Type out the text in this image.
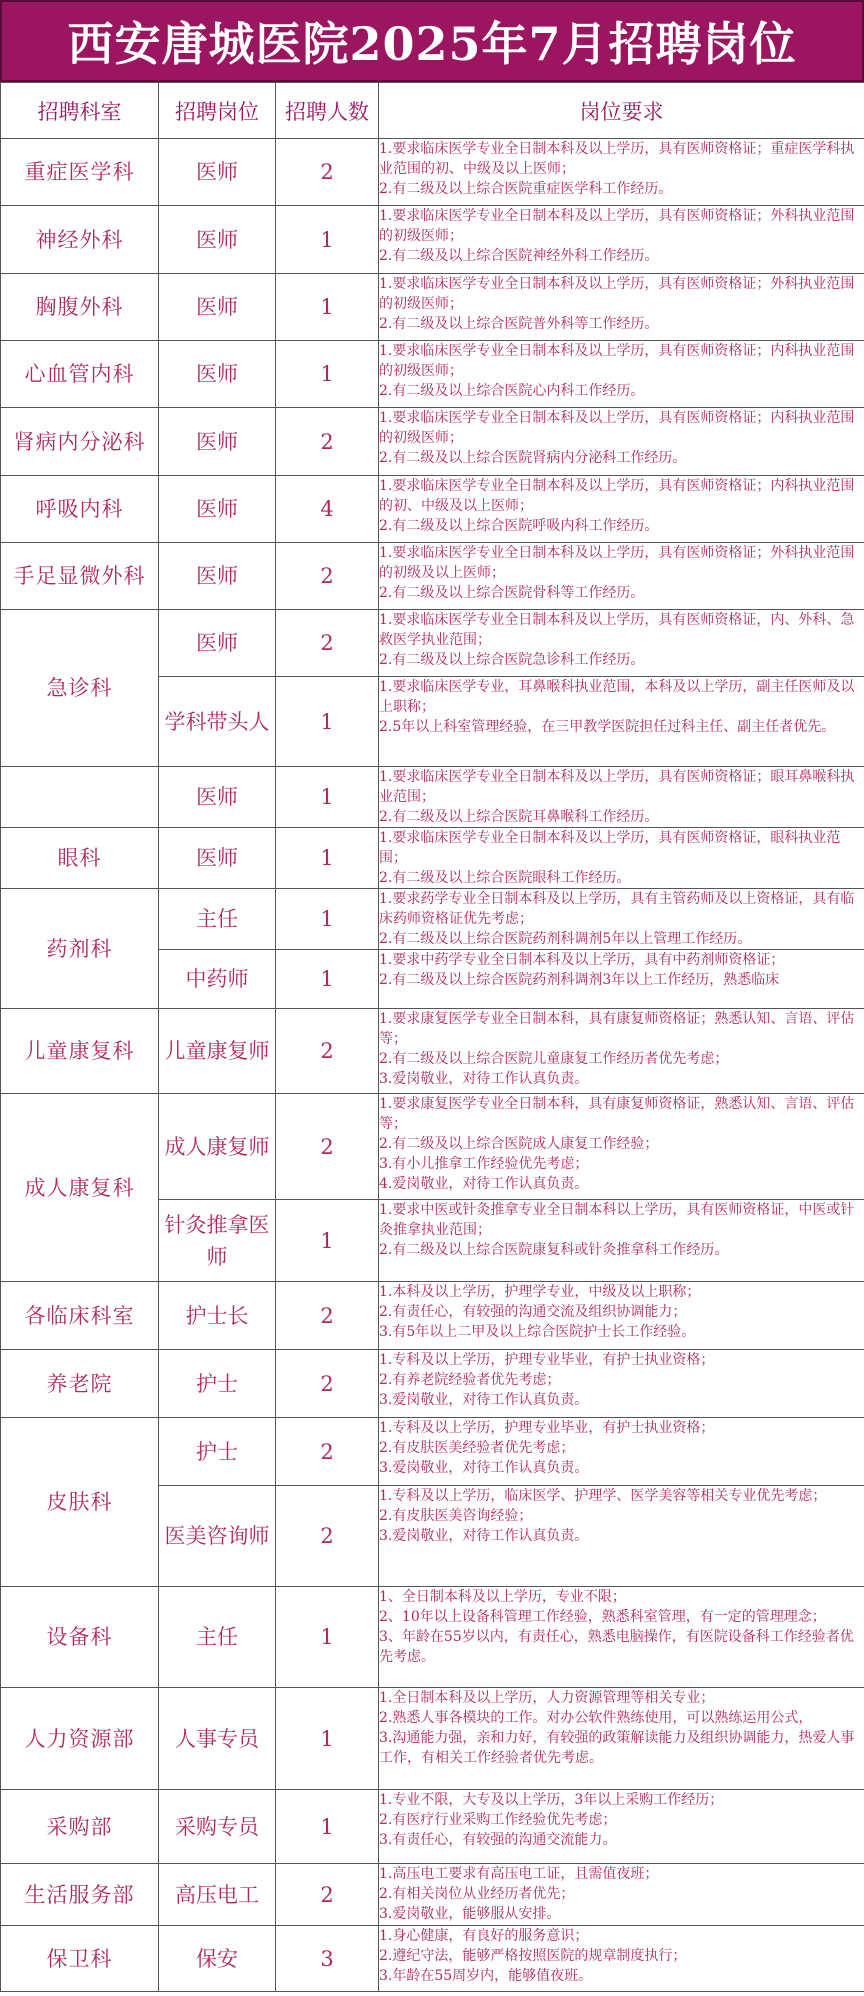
西安唐城医院2025年7月招聘岗位
招聘科室	招聘岗位	招聘人数	岗位要求
重症医学科	医师	2	1.要求临床医学专业全日制本科及以上学历，具有医师资格证；重症医学科执业范围的初、中级及以上医师；
2.有二级及以上综合医院重症医学科工作经历。

神经外科	医师	1	1.要求临床医学专业全日制本科及以上学历，具有医师资格证；外科执业范围的初级医师；
2.有二级及以上综合医院神经外科工作经历。

胸腹外科	医师	1	1.要求临床医学专业全日制本科及以上学历，具有医师资格证；外科执业范围的初级医师；
2.有二级及以上综合医院普外科等工作经历。

心血管内科	医师	1	1.要求临床医学专业全日制本科及以上学历，具有医师资格证；内科执业范围的初级医师；
2.有二级及以上综合医院心内科工作经历。

肾病内分泌科	医师	2	1.要求临床医学专业全日制本科及以上学历，具有医师资格证；内科执业范围的初级医师；
2.有二级及以上综合医院肾病内分泌科工作经历。

呼吸内科	医师	4	1.要求临床医学专业全日制本科及以上学历，具有医师资格证；内科执业范围的初、中级及以上医师；
2.有二级及以上综合医院呼吸内科工作经历。

手足显微外科	医师	2	1.要求临床医学专业全日制本科及以上学历，具有医师资格证；外科执业范围的初级及以上医师；
2.有二级及以上综合医院骨科等工作经历。

急诊科	医师	2	1.要求临床医学专业全日制本科及以上学历，具有医师资格证，内、外科、急救医学执业范围；
2.有二级及以上综合医院急诊科工作经历。

	学科带头人	1	1.要求临床医学专业，耳鼻喉科执业范围，本科及以上学历，副主任医师及以上职称；
2.5年以上科室管理经验，在三甲教学医院担任过科主任、副主任者优先。

	医师	1	1.要求临床医学专业全日制本科及以上学历，具有医师资格证；眼耳鼻喉科执业范围；
2.有二级及以上综合医院耳鼻喉科工作经历。

眼科	医师	1	1.要求临床医学专业全日制本科及以上学历，具有医师资格证，眼科执业范围；
2.有二级及以上综合医院眼科工作经历。

药剂科	主任	1	1.要求药学专业全日制本科及以上学历，具有主管药师及以上资格证，具有临床药师资格证优先考虑；
2.有二级及以上综合医院药剂科调剂5年以上管理工作经历。

	中药师	1	1.要求中药学专业全日制本科及以上学历，具有中药剂师资格证；
2.有二级及以上综合医院药剂科调剂3年以上工作经历，熟悉临床

儿童康复科	儿童康复师	2	1.要求康复医学专业全日制本科，具有康复师资格证；熟悉认知、言语、评估等；
2.有二级及以上综合医院儿童康复工作经历者优先考虑；
3.爱岗敬业，对待工作认真负责。

成人康复科	成人康复师	2	1.要求康复医学专业全日制本科，具有康复师资格证，熟悉认知、言语、评估等；
2.有二级及以上综合医院成人康复工作经验；
3.有小儿推拿工作经验优先考虑；
4.爱岗敬业，对待工作认真负责。

	针灸推拿医师	1	1.要求中医或针灸推拿专业全日制本科以上学历，具有医师资格证，中医或针灸推拿执业范围；
2.有二级及以上综合医院康复科或针灸推拿科工作经历。

各临床科室	护士长	2	1.本科及以上学历，护理学专业，中级及以上职称；
2.有责任心，有较强的沟通交流及组织协调能力；
3.有5年以上二甲及以上综合医院护士长工作经验。

养老院	护士	2	1.专科及以上学历，护理专业毕业，有护士执业资格；
2.有养老院经验者优先考虑；
3.爱岗敬业，对待工作认真负责。

皮肤科	护士	2	1.专科及以上学历，护理专业毕业，有护士执业资格；
2.有皮肤医美经验者优先考虑；
3.爱岗敬业，对待工作认真负责。

	医美咨询师	2	1.专科及以上学历，临床医学、护理学、医学美容等相关专业优先考虑；
2.有皮肤医美咨询经验；
3.爱岗敬业，对待工作认真负责。

设备科	主任	1	1、全日制本科及以上学历，专业不限；
2、10年以上设备科管理工作经验，熟悉科室管理，有一定的管理理念；
3、年龄在55岁以内，有责任心，熟悉电脑操作，有医院设备科工作经验者优先考虑。

人力资源部	人事专员	1	1.全日制本科及以上学历，人力资源管理等相关专业；
2.熟悉人事各模块的工作。对办公软件熟练使用，可以熟练运用公式，
3.沟通能力强，亲和力好，有较强的政策解读能力及组织协调能力，热爱人事工作，有相关工作经验者优先考虑。

采购部	采购专员	1	1.专业不限，大专及以上学历，3年以上采购工作经历；
2.有医疗行业采购工作经验优先考虑；
3.有责任心，有较强的沟通交流能力。

生活服务部	高压电工	2	1.高压电工要求有高压电工证，且需值夜班；
2.有相关岗位从业经历者优先；
3.爱岗敬业，能够服从安排。

保卫科	保安	3	1.身心健康，有良好的服务意识；
2.遵纪守法，能够严格按照医院的规章制度执行；
3.年龄在55周岁内，能够值夜班。
